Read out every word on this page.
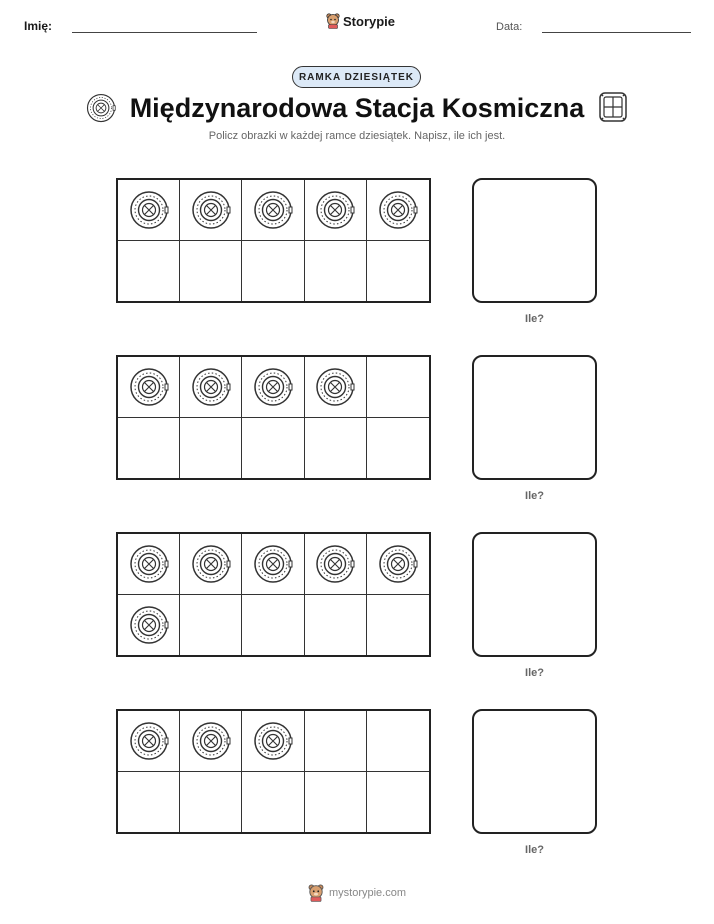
Imię:	Storypie	Data:
RAMKA DZIESIĄTEK
Międzynarodowa Stacja Kosmiczna
Policz obrazki w każdej ramce dziesiątek. Napisz, ile ich jest.
Ile?
Ile?
Ile?
Ile?
mystorypie.com
